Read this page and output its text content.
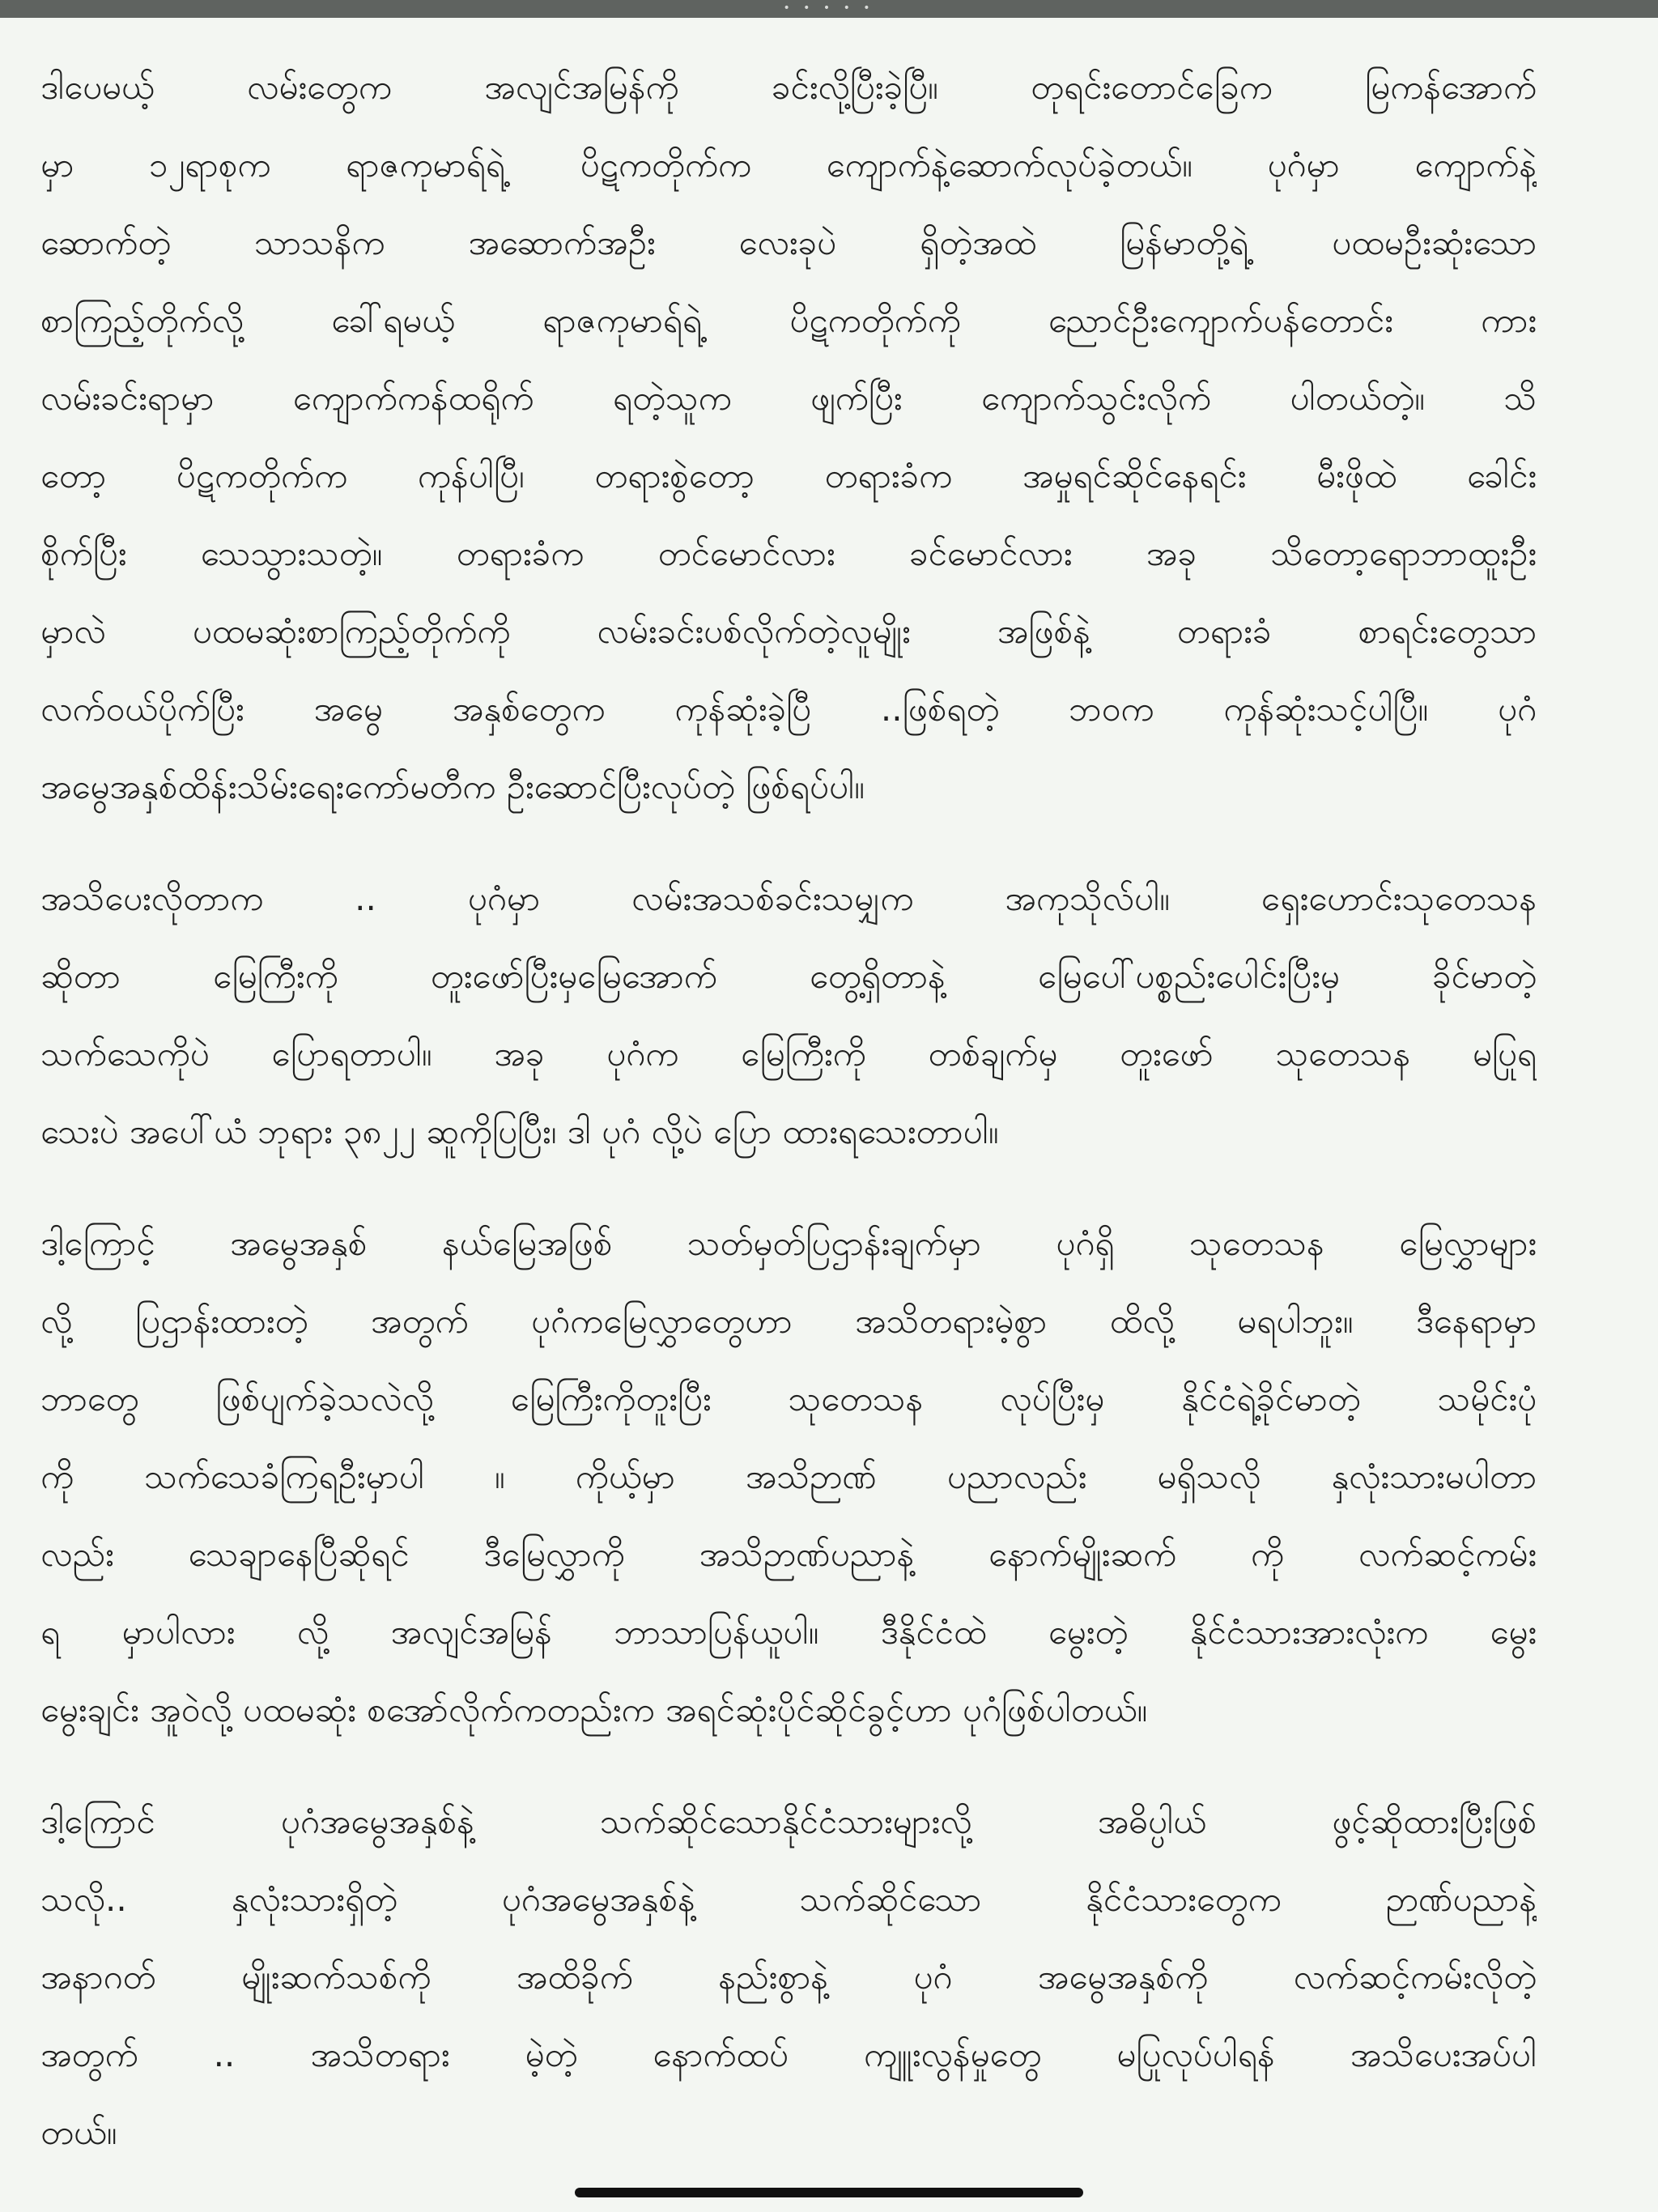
• • • • •

ဒါပေမယ့် လမ်းတွေက အလျင်အမြန်ကို ခင်းလို့ပြီးခဲ့ပြီ။ တုရင်းတောင်ခြေက မြကန်အောက်
မှာ ၁၂ရာစုက ရာဇကုမာရ်ရဲ့ ပိဋကတိုက်က ကျောက်နဲ့ဆောက်လုပ်ခဲ့တယ်။ ပုဂံမှာ ကျောက်နဲ့
ဆောက်တဲ့ သာသနိက အဆောက်အဦး လေးခုပဲ ရှိတဲ့အထဲ မြန်မာတို့ရဲ့ ပထမဦးဆုံးသော
စာကြည့်တိုက်လို့ ခေါ်ရမယ့် ရာဇကုမာရ်ရဲ့ ပိဋကတိုက်ကို ညောင်ဦးကျောက်ပန်တောင်း ကား
လမ်းခင်းရာမှာ ကျောက်ကန်ထရိုက် ရတဲ့သူက ဖျက်ပြီး ကျောက်သွင်းလိုက် ပါတယ်တဲ့။ သိ
တော့ ပိဋကတိုက်က ကုန်ပါပြီ၊ တရားစွဲတော့ တရားခံက အမှုရင်ဆိုင်နေရင်း မီးဖိုထဲ ခေါင်း
စိုက်ပြီး သေသွားသတဲ့။ တရားခံက တင်မောင်လား ခင်မောင်လား အခု သိတော့ရောဘာထူးဦး
မှာလဲ ပထမဆုံးစာကြည့်တိုက်ကို လမ်းခင်းပစ်လိုက်တဲ့လူမျိုး အဖြစ်နဲ့ တရားခံ စာရင်းတွေသာ
လက်ဝယ်ပိုက်ပြီး အမွေ အနှစ်တွေက ကုန်ဆုံးခဲ့ပြီ ..ဖြစ်ရတဲ့ ဘဝက ကုန်ဆုံးသင့်ပါပြီ။ ပုဂံ
အမွေအနှစ်ထိန်းသိမ်းရေးကော်မတီက ဦးဆောင်ပြီးလုပ်တဲ့ ဖြစ်ရပ်ပါ။

အသိပေးလိုတာက .. ပုဂံမှာ လမ်းအသစ်ခင်းသမျှက အကုသိုလ်ပါ။ ရှေးဟောင်းသုတေသန
ဆိုတာ မြေကြီးကို တူးဖော်ပြီးမှမြေအောက် တွေ့ရှိတာနဲ့ မြေပေါ်ပစ္စည်းပေါင်းပြီးမှ ခိုင်မာတဲ့
သက်သေကိုပဲ ပြောရတာပါ။ အခု ပုဂံက မြေကြီးကို တစ်ချက်မှ တူးဖော် သုတေသန မပြုရ
သေးပဲ အပေါ်ယံ ဘုရား ၃၈၂၂ ဆူကိုပြပြီး၊ ဒါ ပုဂံ လို့ပဲ ပြော ထားရသေးတာပါ။

ဒါ့ကြောင့် အမွေအနှစ် နယ်မြေအဖြစ် သတ်မှတ်ပြဌာန်းချက်မှာ ပုဂံရှိ သုတေသန မြေလွှာများ
လို့ ပြဌာန်းထားတဲ့ အတွက် ပုဂံကမြေလွှာတွေဟာ အသိတရားမဲ့စွာ ထိလို့ မရပါဘူး။ ဒီနေရာမှာ
ဘာတွေ ဖြစ်ပျက်ခဲ့သလဲလို့ မြေကြီးကိုတူးပြီး သုတေသန လုပ်ပြီးမှ နိုင်ငံရဲ့ခိုင်မာတဲ့ သမိုင်းပုံ
ကို သက်သေခံကြရဦးမှာပါ ။ ကိုယ့်မှာ အသိဉာဏ် ပညာလည်း မရှိသလို နှလုံးသားမပါတာ
လည်း သေချာနေပြီဆိုရင် ဒီမြေလွှာကို အသိဉာဏ်ပညာနဲ့ နောက်မျိုးဆက် ကို လက်ဆင့်ကမ်း
ရ မှာပါလား လို့ အလျင်အမြန် ဘာသာပြန်ယူပါ။ ဒီနိုင်ငံထဲ မွေးတဲ့ နိုင်ငံသားအားလုံးက မွေး
မွေးချင်း အူဝဲလို့ ပထမဆုံး စအော်လိုက်ကတည်းက အရင်ဆုံးပိုင်ဆိုင်ခွင့်ဟာ ပုဂံဖြစ်ပါတယ်။

ဒါ့ကြောင် ပုဂံအမွေအနှစ်နဲ့ သက်ဆိုင်သောနိုင်ငံသားများလို့ အဓိပ္ပါယ် ဖွင့်ဆိုထားပြီးဖြစ်
သလို.. နှလုံးသားရှိတဲ့ ပုဂံအမွေအနှစ်နဲ့ သက်ဆိုင်သော နိုင်ငံသားတွေက ဉာဏ်ပညာနဲ့
အနာဂတ် မျိုးဆက်သစ်ကို အထိခိုက် နည်းစွာနဲ့ ပုဂံ အမွေအနှစ်ကို လက်ဆင့်ကမ်းလိုတဲ့
အတွက် .. အသိတရား မဲ့တဲ့ နောက်ထပ် ကျူးလွန်မှုတွေ မပြုလုပ်ပါရန် အသိပေးအပ်ပါ
တယ်။
